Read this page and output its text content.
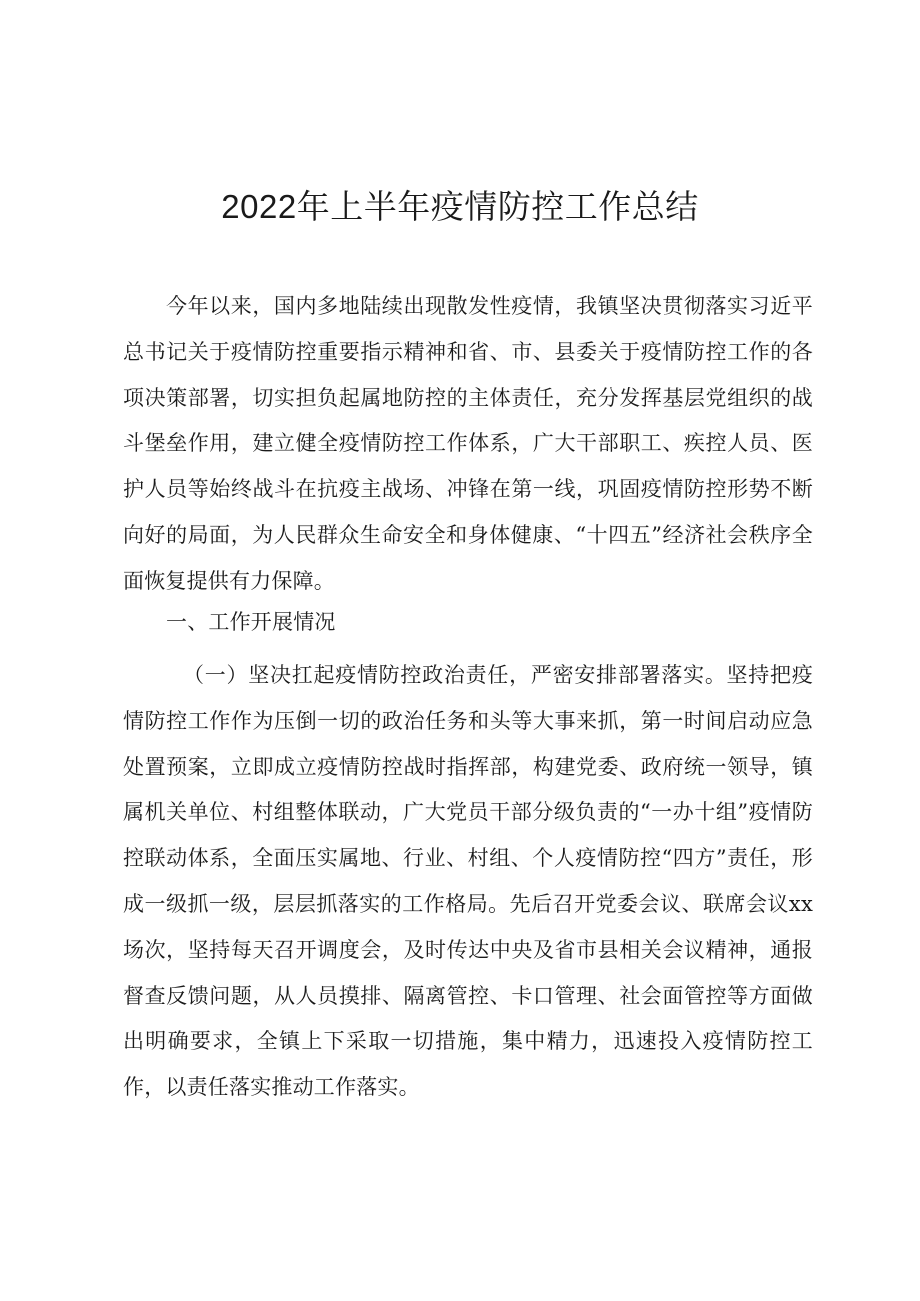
2022年上半年疫情防控工作总结

今年以来，国内多地陆续出现散发性疫情，我镇坚决贯彻落实习近平总书记关于疫情防控重要指示精神和省、市、县委关于疫情防控工作的各项决策部署，切实担负起属地防控的主体责任，充分发挥基层党组织的战斗堡垒作用，建立健全疫情防控工作体系，广大干部职工、疾控人员、医护人员等始终战斗在抗疫主战场、冲锋在第一线，巩固疫情防控形势不断向好的局面，为人民群众生命安全和身体健康、“十四五”经济社会秩序全面恢复提供有力保障。

一、工作开展情况

（一）坚决扛起疫情防控政治责任，严密安排部署落实。坚持把疫情防控工作作为压倒一切的政治任务和头等大事来抓，第一时间启动应急处置预案，立即成立疫情防控战时指挥部，构建党委、政府统一领导，镇属机关单位、村组整体联动，广大党员干部分级负责的“一办十组”疫情防控联动体系，全面压实属地、行业、村组、个人疫情防控“四方”责任，形成一级抓一级，层层抓落实的工作格局。先后召开党委会议、联席会议xx场次，坚持每天召开调度会，及时传达中央及省市县相关会议精神，通报督查反馈问题，从人员摸排、隔离管控、卡口管理、社会面管控等方面做出明确要求，全镇上下采取一切措施，集中精力，迅速投入疫情防控工作，以责任落实推动工作落实。
